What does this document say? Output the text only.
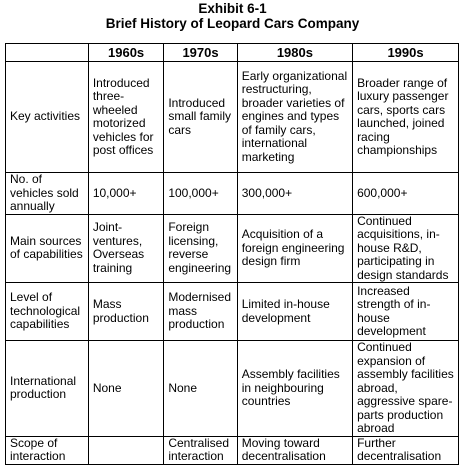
Exhibit 6-1
Brief History of Leopard Cars Company
	1960s	1970s	1980s	1990s
Key activities	Introduced three-wheeled motorized vehicles for post offices	Introduced small family cars	Early organizational restructuring, broader varieties of engines and types of family cars, international marketing	Broader range of luxury passenger cars, sports cars launched, joined racing championships
No. of vehicles sold annually	10,000+	100,000+	300,000+	600,000+
Main sources of capabilities	Joint-ventures, Overseas training	Foreign licensing, reverse engineering	Acquisition of a foreign engineering design firm	Continued acquisitions, in-house R&D, participating in design standards
Level of technological capabilities	Mass production	Modernised mass production	Limited in-house development	Increased strength of in-house development
International production	None	None	Assembly facilities in neighbouring countries	Continued expansion of assembly facilities abroad, aggressive spare-parts production abroad
Scope of interaction		Centralised interaction	Moving toward decentralisation	Further decentralisation
